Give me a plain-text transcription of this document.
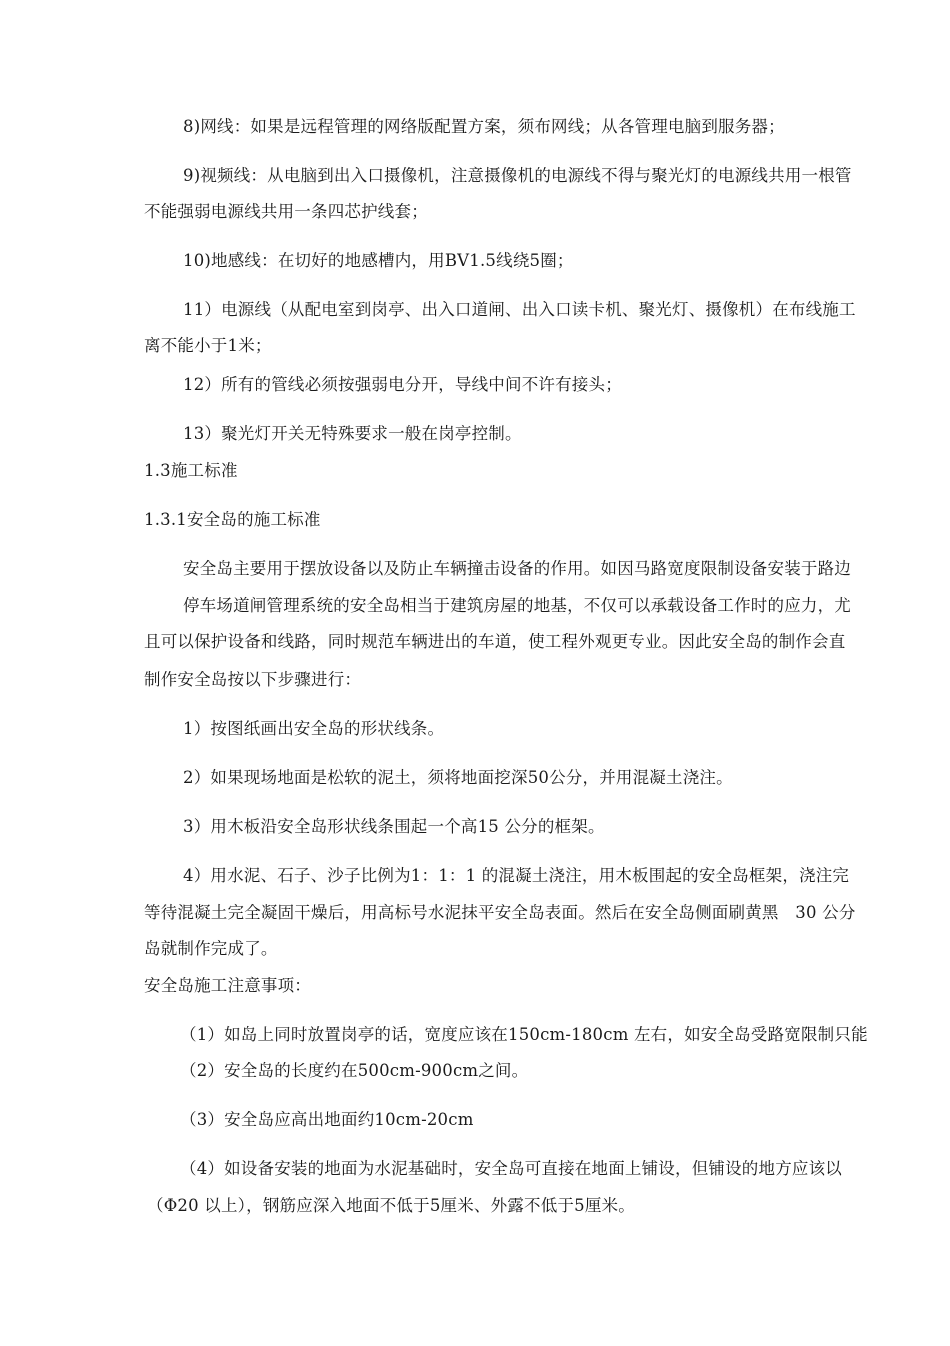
8)网线：如果是远程管理的网络版配置方案，须布网线；从各管理电脑到服务器；
9)视频线：从电脑到出入口摄像机，注意摄像机的电源线不得与聚光灯的电源线共用一根管
不能强弱电源线共用一条四芯护线套；
10)地感线：在切好的地感槽内，用BV1.5线绕5圈；
11）电源线（从配电室到岗亭、出入口道闸、出入口读卡机、聚光灯、摄像机）在布线施工
离不能小于1米；
12）所有的管线必须按强弱电分开，导线中间不许有接头；
13）聚光灯开关无特殊要求一般在岗亭控制。
1.3施工标准
1.3.1安全岛的施工标准
安全岛主要用于摆放设备以及防止车辆撞击设备的作用。如因马路宽度限制设备安装于路边
停车场道闸管理系统的安全岛相当于建筑房屋的地基，不仅可以承载设备工作时的应力，尤
且可以保护设备和线路，同时规范车辆进出的车道，使工程外观更专业。因此安全岛的制作会直
制作安全岛按以下步骤进行：
1）按图纸画出安全岛的形状线条。
2）如果现场地面是松软的泥土，须将地面挖深50公分，并用混凝土浇注。
3）用木板沿安全岛形状线条围起一个高15 公分的框架。
4）用水泥、石子、沙子比例为1：1：1 的混凝土浇注，用木板围起的安全岛框架，浇注完
等待混凝土完全凝固干燥后，用高标号水泥抹平安全岛表面。然后在安全岛侧面刷黄黑　30 公分
岛就制作完成了。
安全岛施工注意事项：
（1）如岛上同时放置岗亭的话，宽度应该在150cm-180cm 左右，如安全岛受路宽限制只能
（2）安全岛的长度约在500cm-900cm之间。
（3）安全岛应高出地面约10cm-20cm
（4）如设备安装的地面为水泥基础时，安全岛可直接在地面上铺设，但铺设的地方应该以
（Φ20 以上），钢筋应深入地面不低于5厘米、外露不低于5厘米。
